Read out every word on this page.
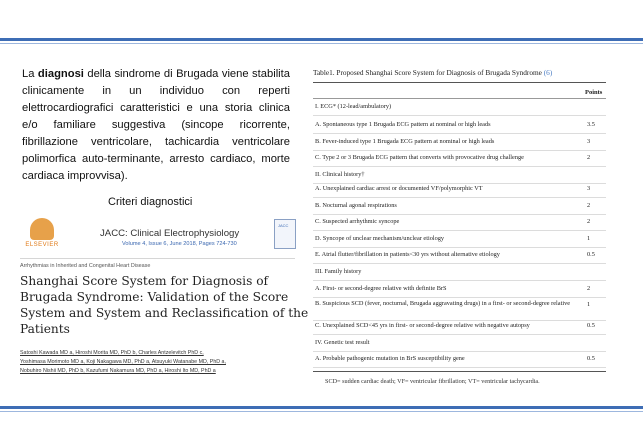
La diagnosi della sindrome di Brugada viene stabilita clinicamente in un individuo con reperti elettrocardiografici caratteristici e una storia clinica e/o familiare suggestiva (sincope ricorrente, fibrillazione ventricolare, tachicardia ventricolare polimorfica auto-terminante, arresto cardiaco, morte cardiaca improvvisa).

Criteri diagnostici
ELSEVIER
JACC: Clinical Electrophysiology
Volume 4, Issue 6, June 2018, Pages 724-730
JACC
Arrhythmias in Inherited and Congenital Heart Disease
Shanghai Score System for Diagnosis of Brugada Syndrome: Validation of the Score System and System and Reclassification of the Patients
Satoshi Kawada MD a, Hiroshi Morita MD, PhD b, Charles Antzelevitch PhD c,
Yoshimasa Morimoto MD a, Koji Nakagawa MD, PhD a, Atsuyuki Watanabe MD, PhD a,
Nobuhiro Nishii MD, PhD b, Kazufumi Nakamura MD, PhD a, Hiroshi Ito MD, PhD a
Table1. Proposed Shanghai Score System for Diagnosis of Brugada Syndrome (6)
Points
I. ECG* (12-lead/ambulatory)
A. Spontaneous type 1 Brugada ECG pattern at nominal or high leads	3.5
B. Fever-induced type 1 Brugada ECG pattern at nominal or high leads	3
C. Type 2 or 3 Brugada ECG pattern that converts with provocative drug challenge	2
II. Clinical history†
A. Unexplained cardiac arrest or documented VF/polymorphic VT	3
B. Nocturnal agonal respirations	2
C. Suspected arrhythmic syncope	2
D. Syncope of unclear mechanism/unclear etiology	1
E. Atrial flutter/fibrillation in patients<30 yrs without alternative etiology	0.5
III. Family history
A. First- or second-degree relative with definite BrS	2
B. Suspicious SCD (fever, nocturnal, Brugada aggravating drugs) in a first- or second-degree relative	1
C. Unexplained SCD<45 yrs in first- or second-degree relative with negative autopsy	0.5
IV. Genetic test result
A. Probable pathogenic mutation in BrS susceptibility gene	0.5
SCD= sudden cardiac death; VF= ventricular fibrillation; VT= ventricular tachycardia.
